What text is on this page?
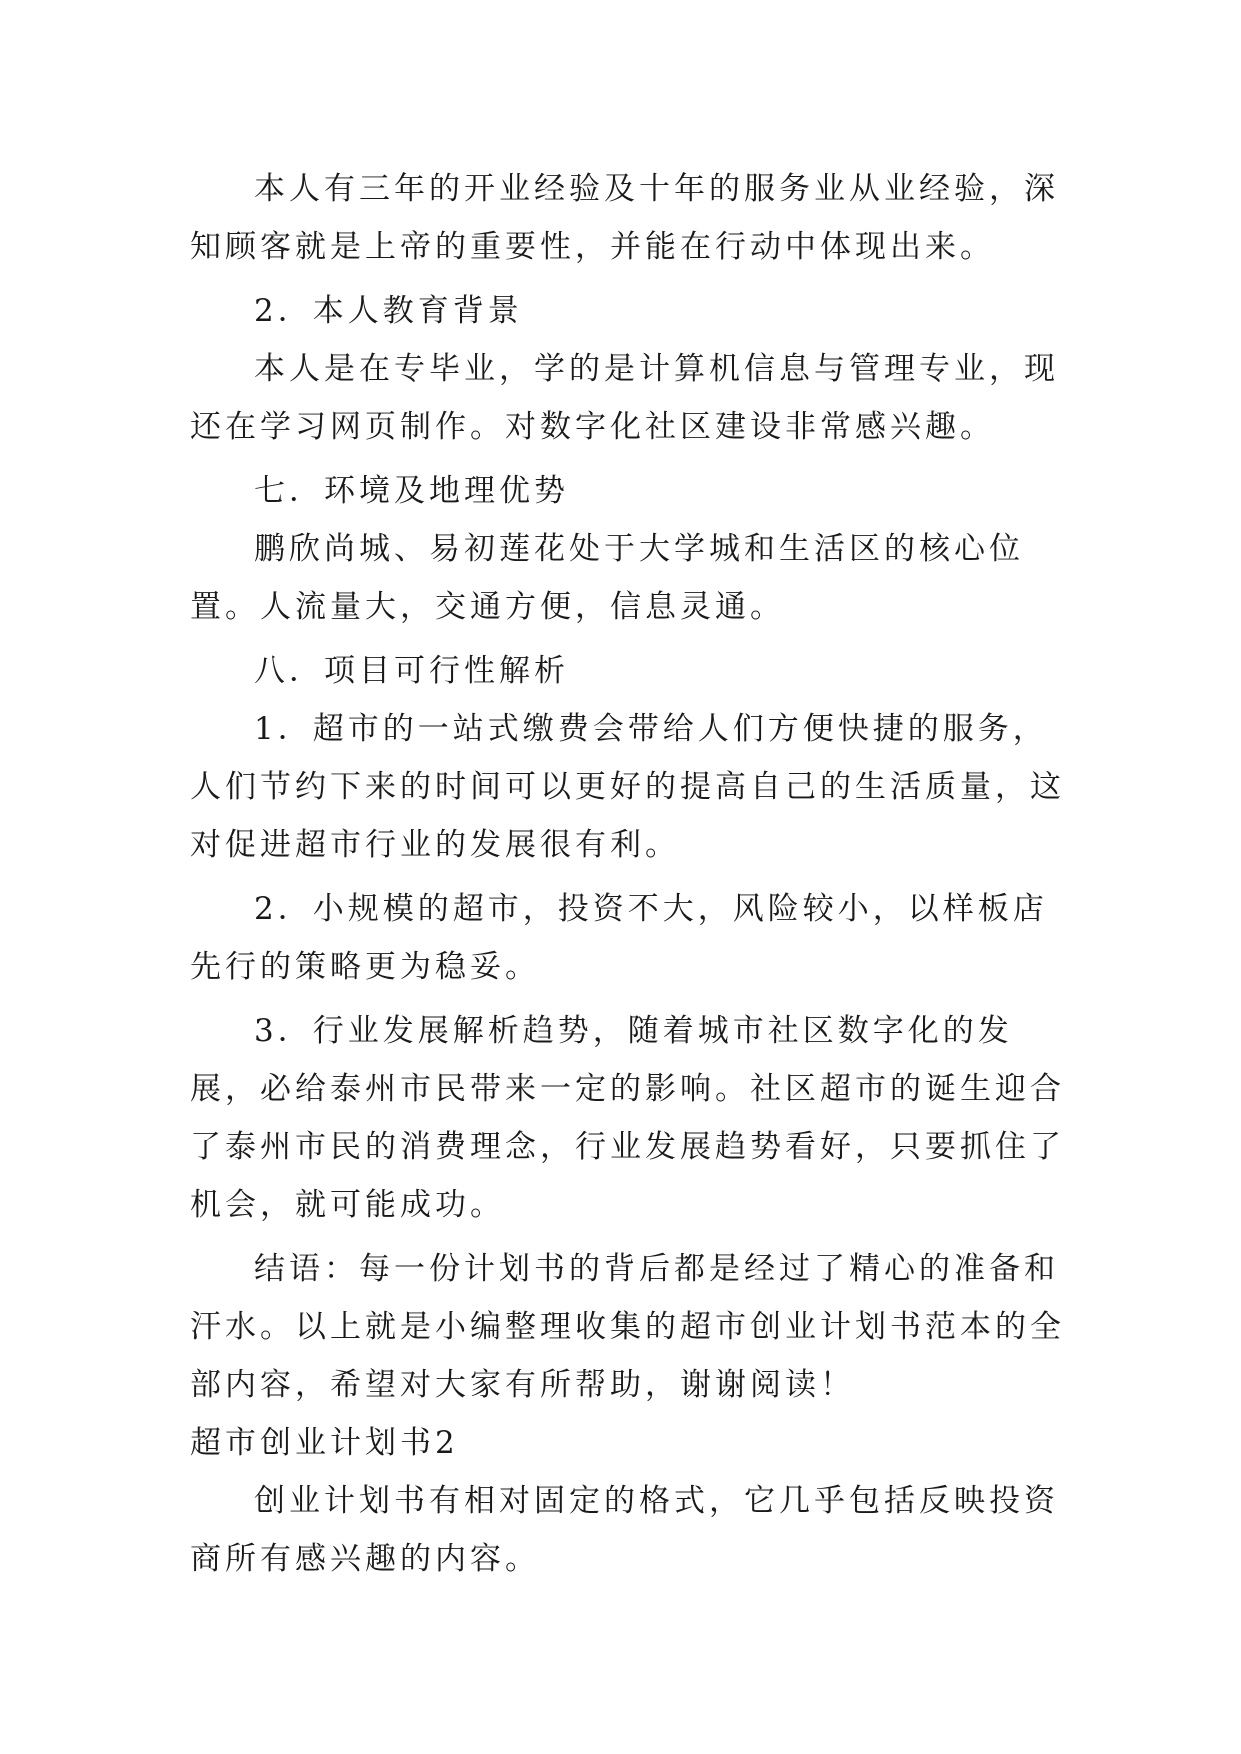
本人有三年的开业经验及十年的服务业从业经验，深知顾客就是上帝的重要性，并能在行动中体现出来。

2．本人教育背景

本人是在专毕业，学的是计算机信息与管理专业，现还在学习网页制作。对数字化社区建设非常感兴趣。

七．环境及地理优势

鹏欣尚城、易初莲花处于大学城和生活区的核心位置。人流量大，交通方便，信息灵通。

八．项目可行性解析

1．超市的一站式缴费会带给人们方便快捷的服务，人们节约下来的时间可以更好的提高自己的生活质量，这对促进超市行业的发展很有利。

2．小规模的超市，投资不大，风险较小，以样板店先行的策略更为稳妥。

3．行业发展解析趋势，随着城市社区数字化的发展，必给泰州市民带来一定的影响。社区超市的诞生迎合了泰州市民的消费理念，行业发展趋势看好，只要抓住了机会，就可能成功。

结语：每一份计划书的背后都是经过了精心的准备和汗水。以上就是小编整理收集的超市创业计划书范本的全部内容，希望对大家有所帮助，谢谢阅读！

超市创业计划书2

创业计划书有相对固定的格式，它几乎包括反映投资商所有感兴趣的内容。
